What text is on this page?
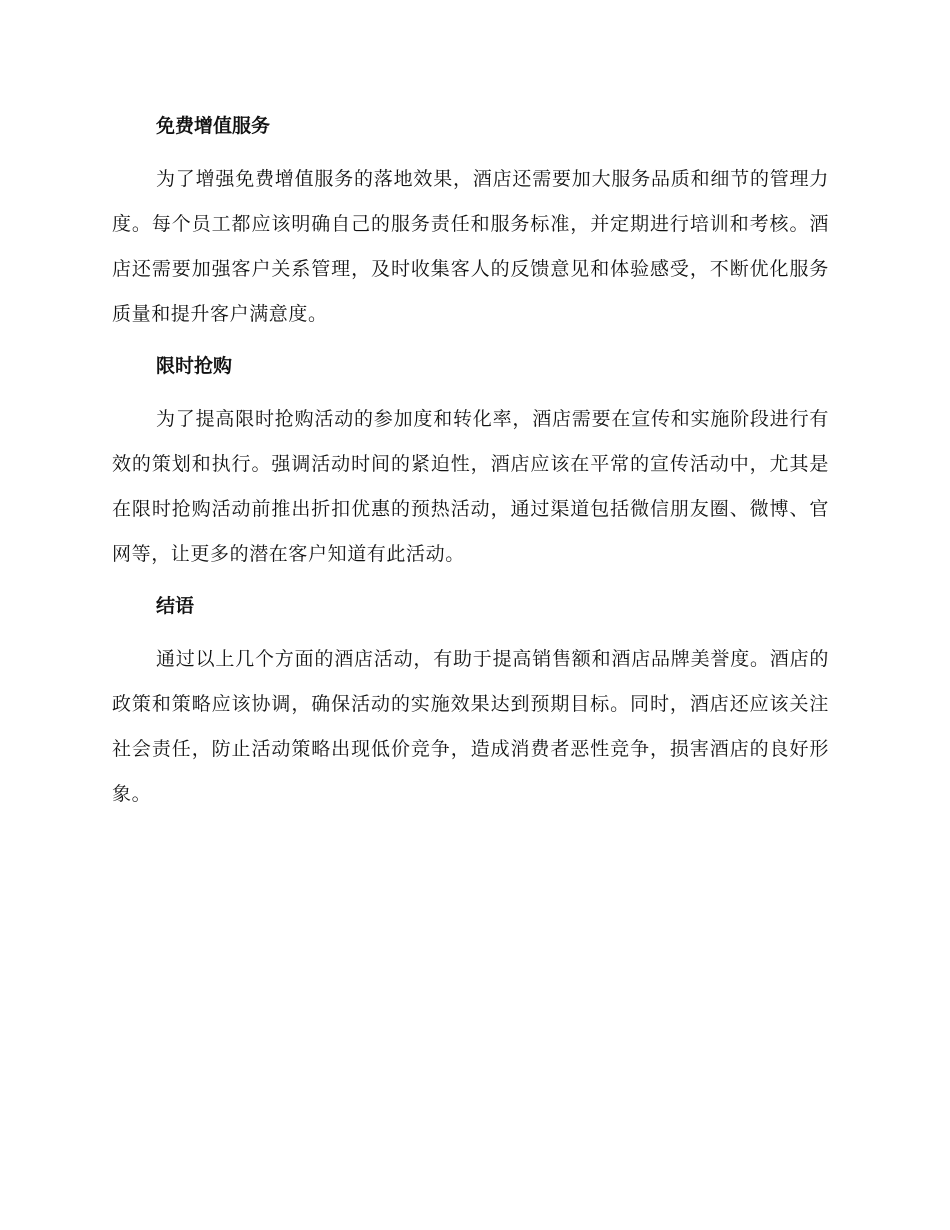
免费增值服务

为了增强免费增值服务的落地效果，酒店还需要加大服务品质和细节的管理力度。每个员工都应该明确自己的服务责任和服务标准，并定期进行培训和考核。酒店还需要加强客户关系管理，及时收集客人的反馈意见和体验感受，不断优化服务质量和提升客户满意度。

限时抢购

为了提高限时抢购活动的参加度和转化率，酒店需要在宣传和实施阶段进行有效的策划和执行。强调活动时间的紧迫性，酒店应该在平常的宣传活动中，尤其是在限时抢购活动前推出折扣优惠的预热活动，通过渠道包括微信朋友圈、微博、官网等，让更多的潜在客户知道有此活动。

结语

通过以上几个方面的酒店活动，有助于提高销售额和酒店品牌美誉度。酒店的政策和策略应该协调，确保活动的实施效果达到预期目标。同时，酒店还应该关注社会责任，防止活动策略出现低价竞争，造成消费者恶性竞争，损害酒店的良好形象。
